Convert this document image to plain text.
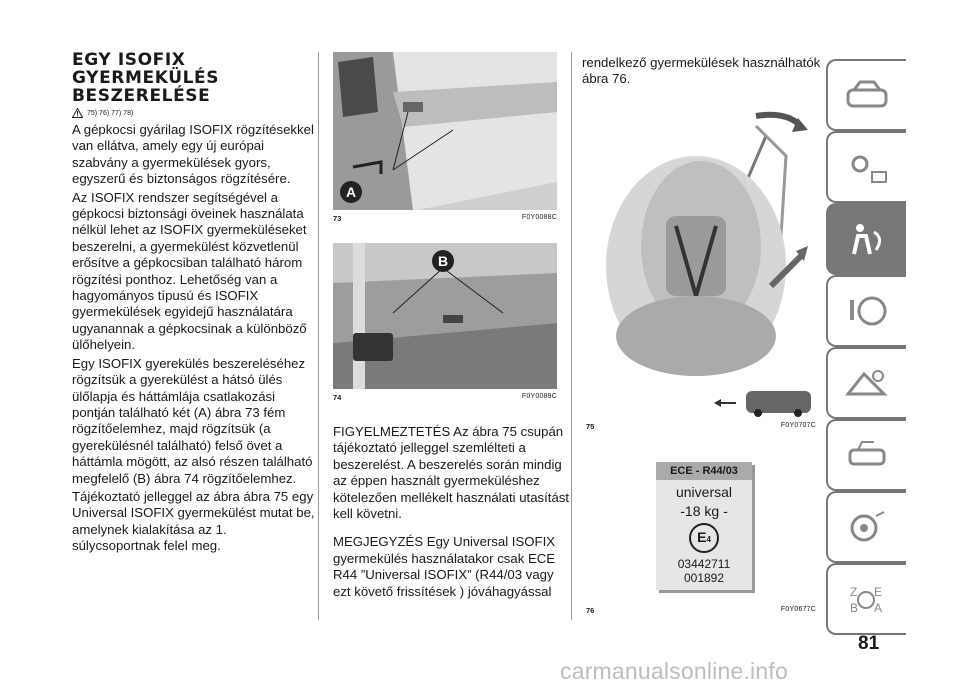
EGY ISOFIX
GYERMEKÜLÉS
BESZERELÉSE
75) 76) 77) 78)

A gépkocsi gyárilag ISOFIX rögzítésekkel van ellátva, amely egy új európai szabvány a gyermekülések gyors, egyszerű és biztonságos rögzítésére.

Az ISOFIX rendszer segítségével a gépkocsi biztonsági öveinek használata nélkül lehet az ISOFIX gyermeküléseket beszerelni, a gyermekülést közvetlenül erősítve a gépkocsiban található három rögzítési ponthoz. Lehetőség van a hagyományos típusú és ISOFIX gyermekülések egyidejű használatára ugyanannak a gépkocsinak a különböző ülőhelyein.

Egy ISOFIX gyerekülés beszereléséhez rögzítsük a gyerekülést a hátsó ülés ülőlapja és háttámlája csatlakozási pontján található két (A) ábra 73 fém rögzítőelemhez, majd rögzítsük (a gyerekülésnél található) felső övet a háttámla mögött, az alsó részen található megfelelő (B) ábra 74 rögzítőelemhez.

Tájékoztató jelleggel az ábra ábra 75 egy Universal ISOFIX gyermekülést mutat be, amelynek kialakítása az 1. súlycsoportnak felel meg.

A
73	F0Y0088C
B
74	F0Y0089C

FIGYELMEZTETÉS Az ábra 75 csupán tájékoztató jelleggel szemlélteti a beszerelést. A beszerelés során mindig az éppen használt gyermeküléshez kötelezően mellékelt használati utasítást kell követni.

MEGJEGYZÉS Egy Universal ISOFIX gyermekülés használatakor csak ECE R44 ”Universal ISOFIX” (R44/03 vagy ezt követő frissítések ) jóváhagyással

rendelkező gyermekülések használhatók ábra 76.

75	F0Y0707C
ECE - R44/03
universal
-18 kg -
E4
03442711
001892
76	F0Y0677C
Z E
B A
81
carmanualsonline.info
